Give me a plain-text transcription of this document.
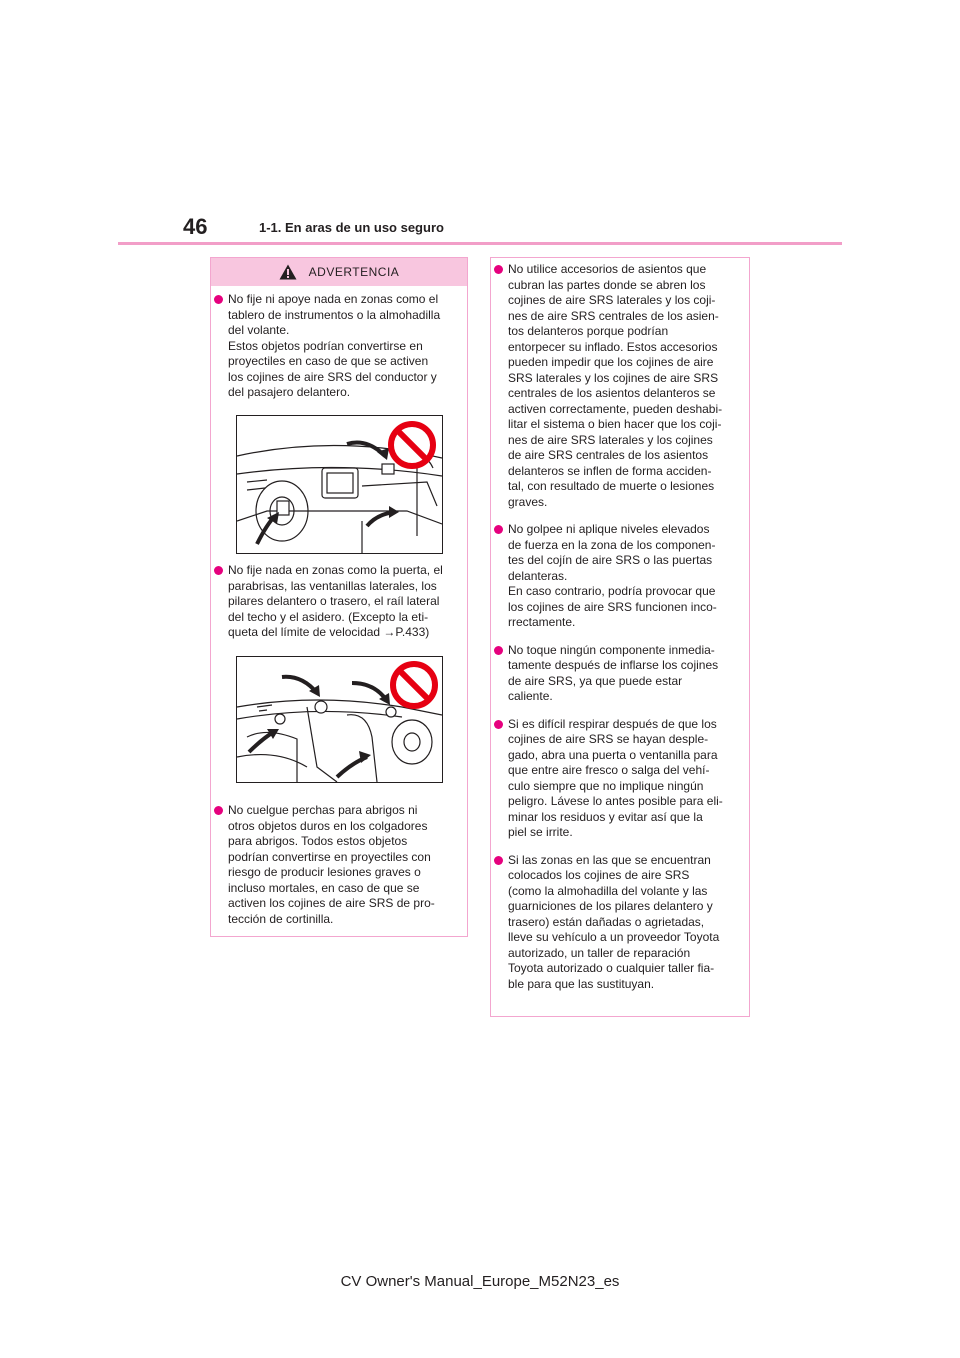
46	1-1. En aras de un uso seguro
ADVERTENCIA
No fije ni apoye nada en zonas como el
tablero de instrumentos o la almohadilla
del volante.
Estos objetos podrían convertirse en
proyectiles en caso de que se activen
los cojines de aire SRS del conductor y
del pasajero delantero.
No fije nada en zonas como la puerta, el
parabrisas, las ventanillas laterales, los
pilares delantero o trasero, el raíl lateral
del techo y el asidero. (Excepto la eti-
queta del límite de velocidad →P.433)
No cuelgue perchas para abrigos ni
otros objetos duros en los colgadores
para abrigos. Todos estos objetos
podrían convertirse en proyectiles con
riesgo de producir lesiones graves o
incluso mortales, en caso de que se
activen los cojines de aire SRS de pro-
tección de cortinilla.
No utilice accesorios de asientos que
cubran las partes donde se abren los
cojines de aire SRS laterales y los coji-
nes de aire SRS centrales de los asien-
tos delanteros porque podrían
entorpecer su inflado. Estos accesorios
pueden impedir que los cojines de aire
SRS laterales y los cojines de aire SRS
centrales de los asientos delanteros se
activen correctamente, pueden deshabi-
litar el sistema o bien hacer que los coji-
nes de aire SRS laterales y los cojines
de aire SRS centrales de los asientos
delanteros se inflen de forma acciden-
tal, con resultado de muerte o lesiones
graves.
No golpee ni aplique niveles elevados
de fuerza en la zona de los componen-
tes del cojín de aire SRS o las puertas
delanteras.
En caso contrario, podría provocar que
los cojines de aire SRS funcionen inco-
rrectamente.
No toque ningún componente inmedia-
tamente después de inflarse los cojines
de aire SRS, ya que puede estar
caliente.
Si es difícil respirar después de que los
cojines de aire SRS se hayan desple-
gado, abra una puerta o ventanilla para
que entre aire fresco o salga del vehí-
culo siempre que no implique ningún
peligro. Lávese lo antes posible para eli-
minar los residuos y evitar así que la
piel se irrite.
Si las zonas en las que se encuentran
colocados los cojines de aire SRS
(como la almohadilla del volante y las
guarniciones de los pilares delantero y
trasero) están dañadas o agrietadas,
lleve su vehículo a un proveedor Toyota
autorizado, un taller de reparación
Toyota autorizado o cualquier taller fia-
ble para que las sustituyan.
CV Owner's Manual_Europe_M52N23_es
